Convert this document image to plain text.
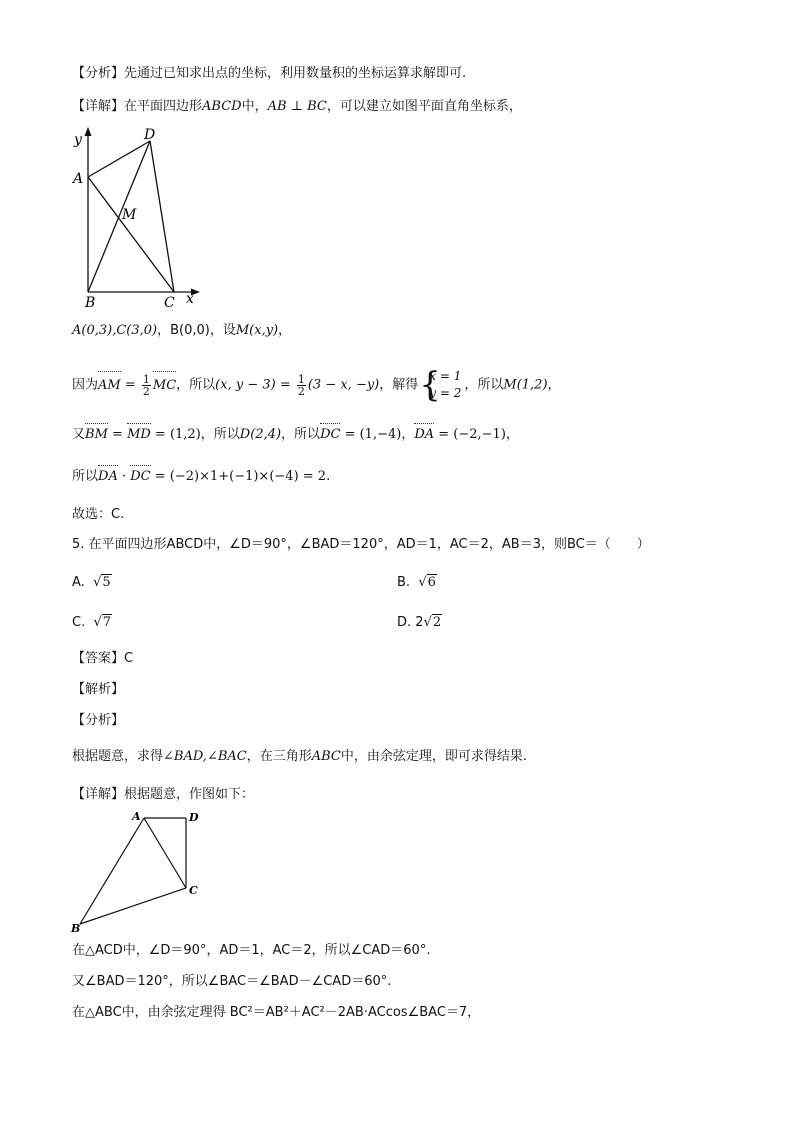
【分析】先通过已知求出点的坐标，利用数量积的坐标运算求解即可.
【详解】在平面四边形ABCD中，AB ⊥ BC，可以建立如图平面直角坐标系，
y	D
A
M
B	C x
A(0,3),C(3,0)，B(0,0)，设M(x,y)，
因为AM = $\frac{1}{2}$ MC，所以(x, $y - 3) = \frac{1}{2} (3 - x$, −y)，解得
{ x = 1
y = 2
，所以M(1,2)，
又BM = MD = (1,2)，所以D(2,4)，所以DC = (1,−4)，DA = (−2,−1)，
所以DA · DC = (−2)×1+(−1)×(−4) = 2.
故选：C.
5. 在平面四边形ABCD中，∠D＝90°，∠BAD＝120°，AD＝1，AC＝2，AB＝3，则BC＝（　　）
A. √5	B. √6
C. √7	D. 2√2
【答案】C
【解析】
【分析】
根据题意，求得∠BAD,∠BAC，在三角形ABC中，由余弦定理，即可求得结果.
【详解】根据题意，作图如下：
A	D
C
B
在△ACD中，∠D＝90°，AD＝1，AC＝2，所以∠CAD＝60°.
又∠BAD＝120°，所以∠BAC＝∠BAD－∠CAD＝60°.
在△ABC中，由余弦定理得 BC²＝AB²＋AC²－2AB·ACcos∠BAC＝7，
